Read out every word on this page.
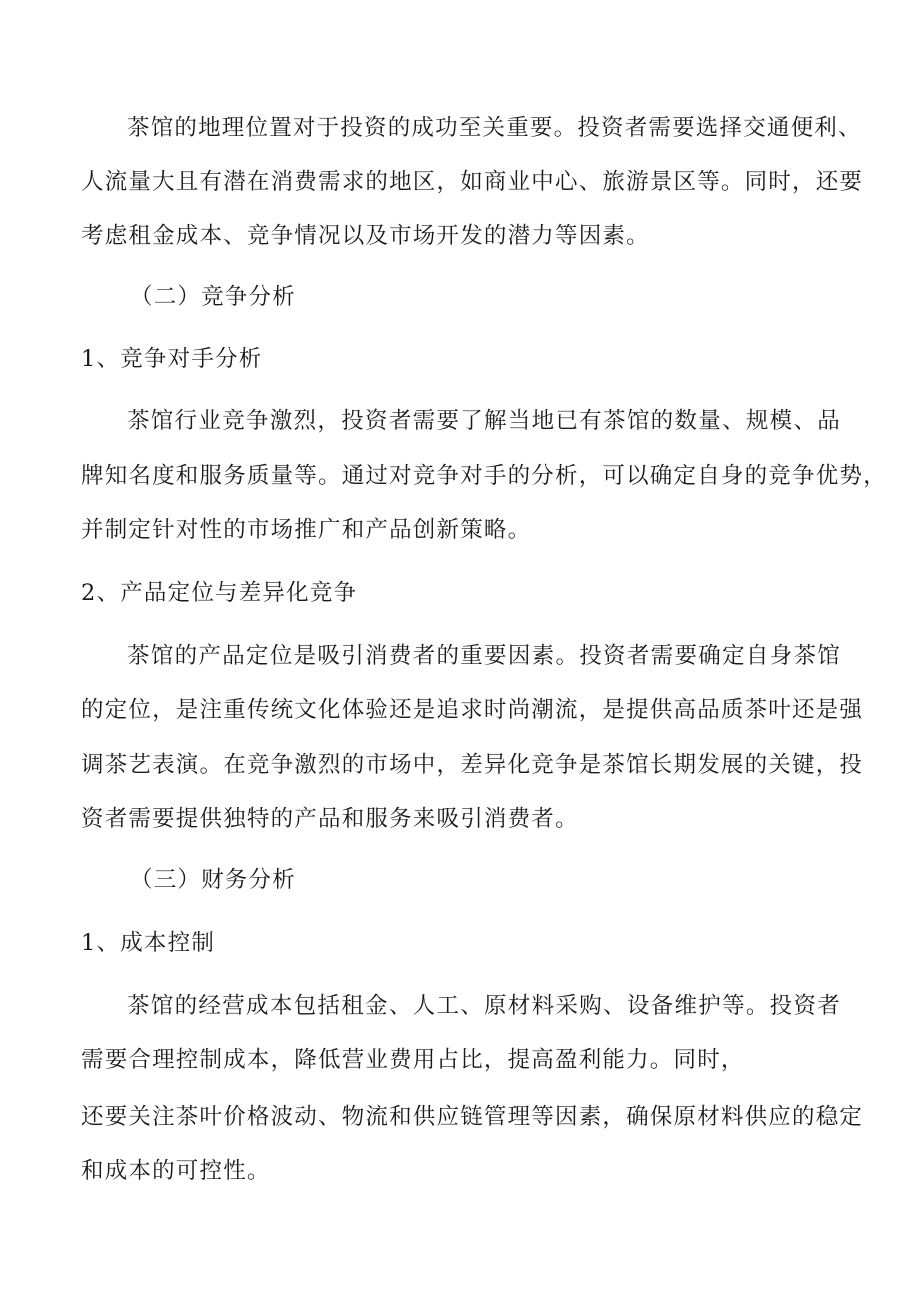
茶馆的地理位置对于投资的成功至关重要。投资者需要选择交通便利、
人流量大且有潜在消费需求的地区，如商业中心、旅游景区等。同时，还要
考虑租金成本、竞争情况以及市场开发的潜力等因素。
（二）竞争分析
1、竞争对手分析
茶馆行业竞争激烈，投资者需要了解当地已有茶馆的数量、规模、品
牌知名度和服务质量等。通过对竞争对手的分析，可以确定自身的竞争优势，
并制定针对性的市场推广和产品创新策略。
2、产品定位与差异化竞争
茶馆的产品定位是吸引消费者的重要因素。投资者需要确定自身茶馆
的定位，是注重传统文化体验还是追求时尚潮流，是提供高品质茶叶还是强
调茶艺表演。在竞争激烈的市场中，差异化竞争是茶馆长期发展的关键，投
资者需要提供独特的产品和服务来吸引消费者。
（三）财务分析
1、成本控制
茶馆的经营成本包括租金、人工、原材料采购、设备维护等。投资者
需要合理控制成本，降低营业费用占比，提高盈利能力。同时，
还要关注茶叶价格波动、物流和供应链管理等因素，确保原材料供应的稳定
和成本的可控性。
